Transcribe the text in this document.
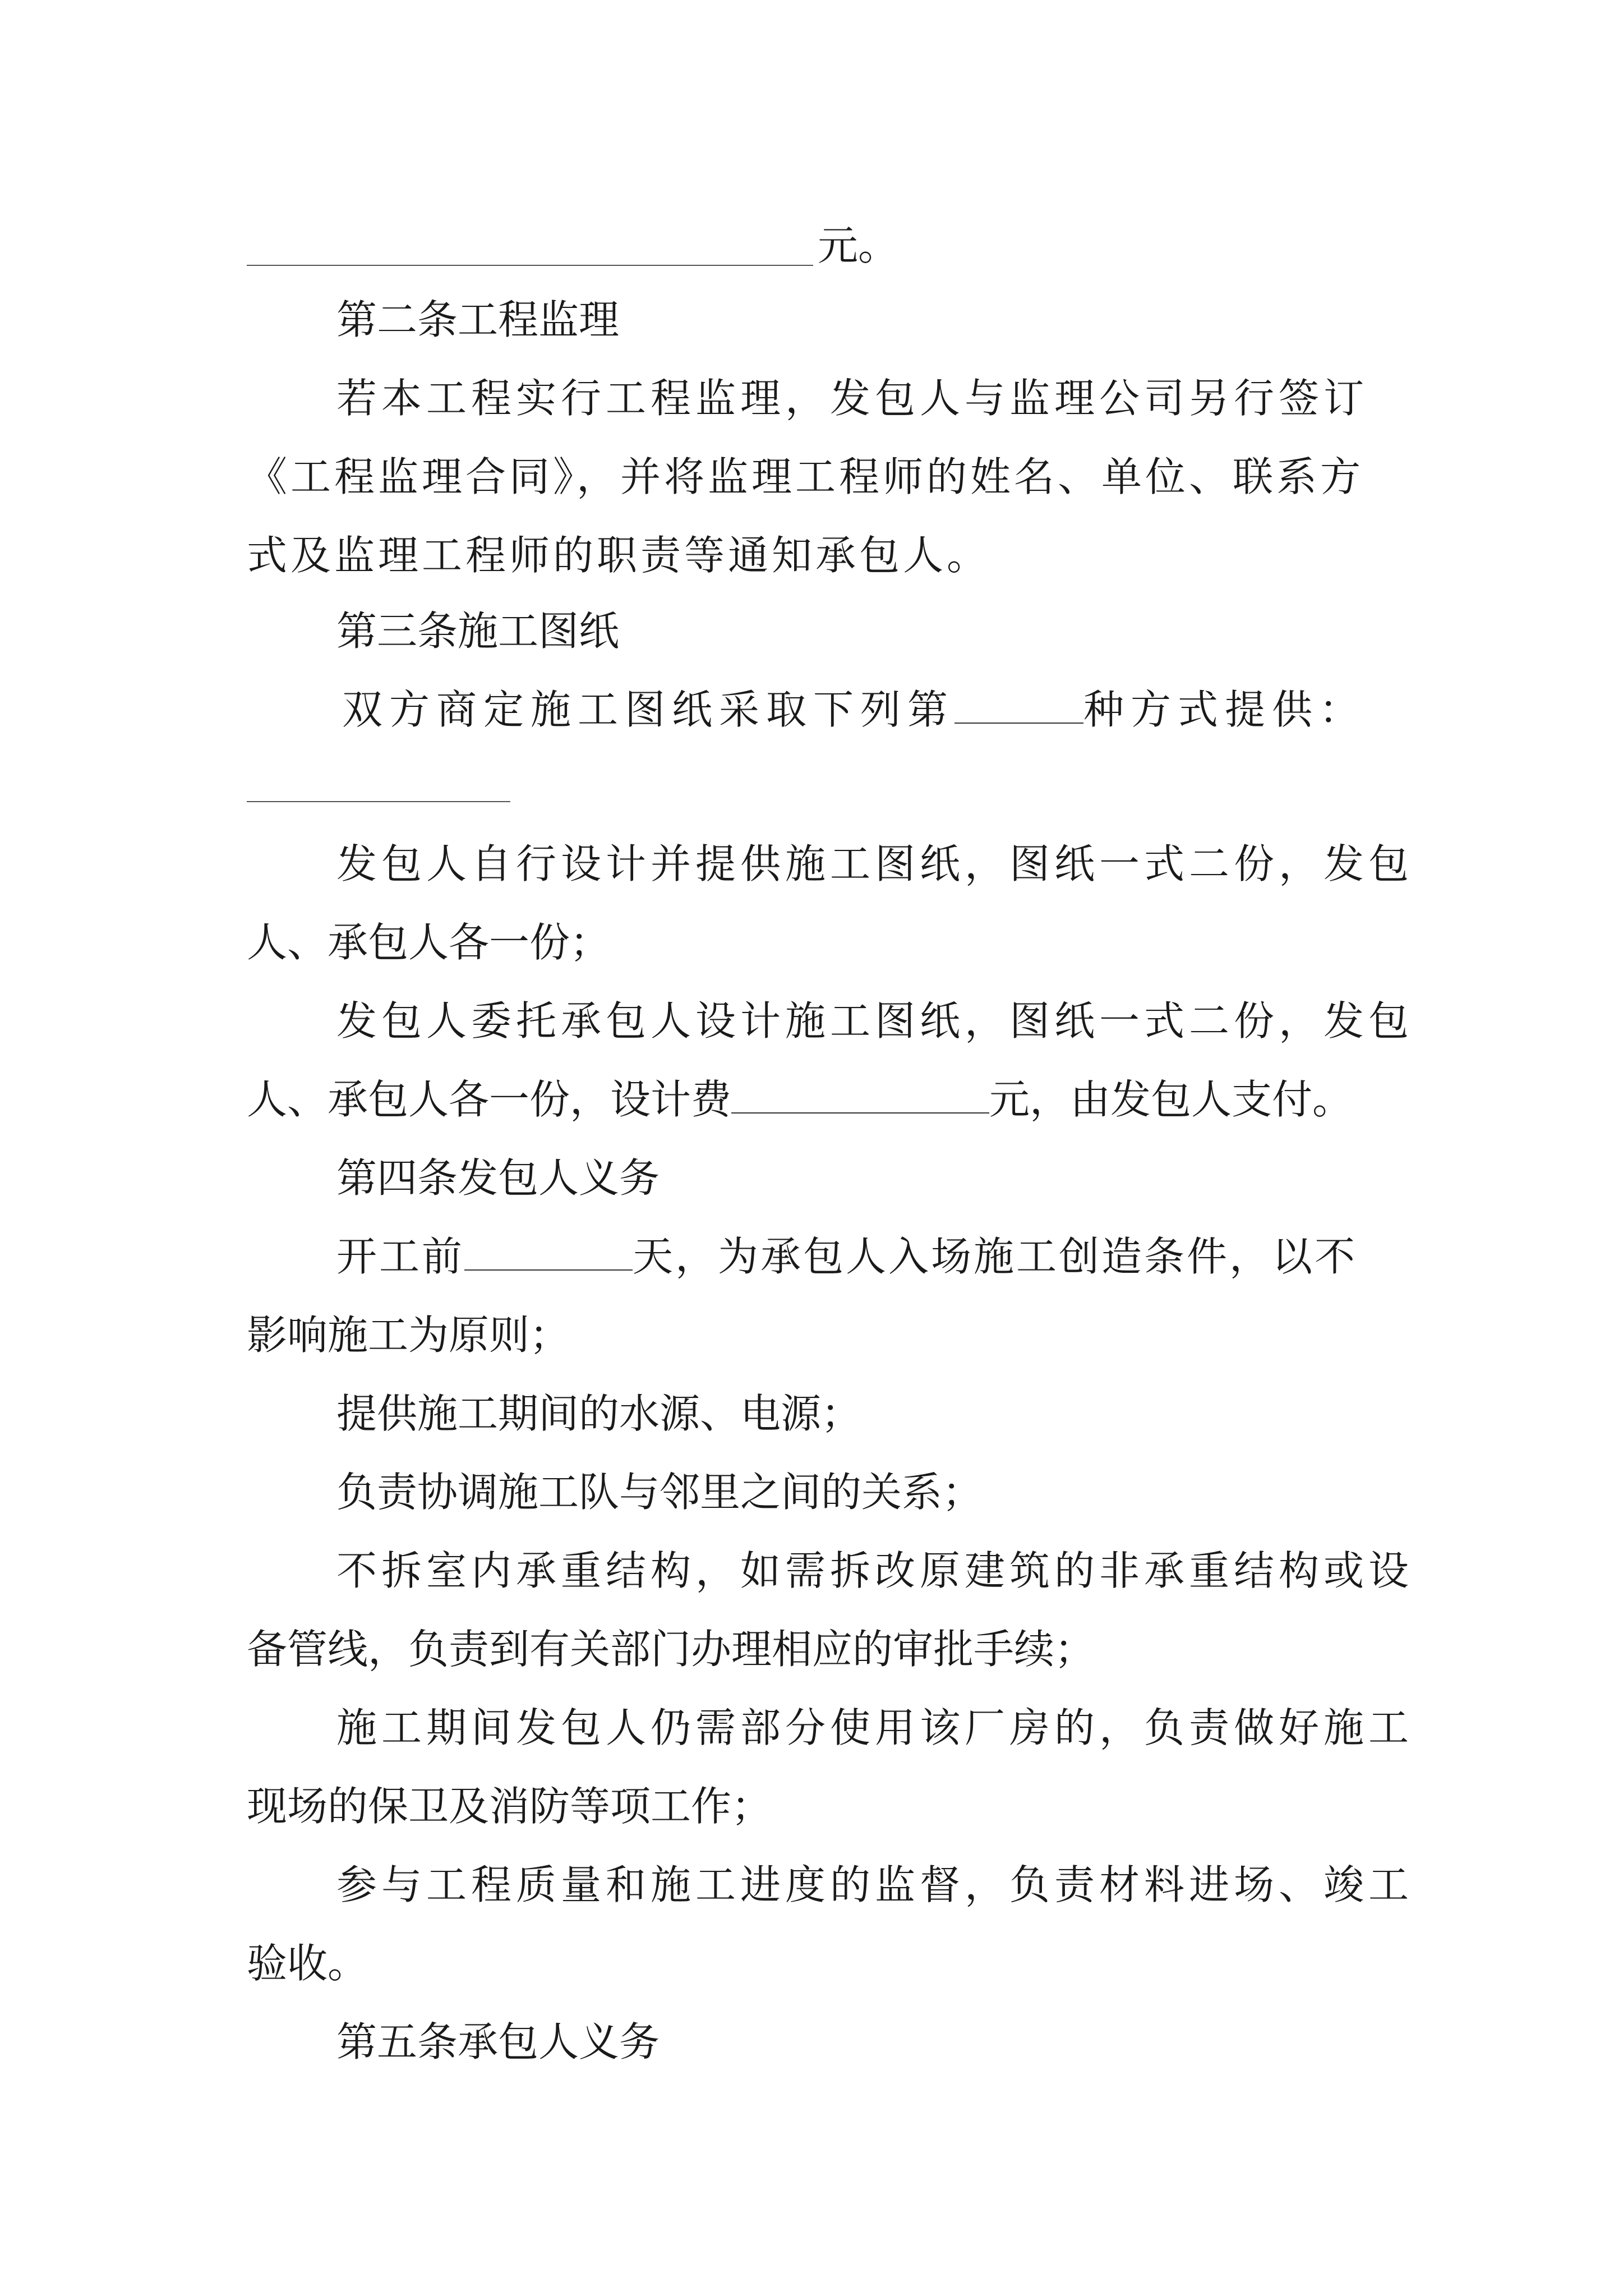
元。
第二条工程监理
若本工程实行工程监理，发包人与监理公司另行签订
《工程监理合同》，并将监理工程师的姓名、单位、联系方
式及监理工程师的职责等通知承包人。
第三条施工图纸
双方商定施工图纸采取下列第	种方式提供：
发包人自行设计并提供施工图纸，图纸一式二份，发包
人、承包人各一份；
发包人委托承包人设计施工图纸，图纸一式二份，发包
人、承包人各一份，设计费	元，由发包人支付。
第四条发包人义务
开工前	天，为承包人入场施工创造条件，以不
影响施工为原则；
提供施工期间的水源、电源；
负责协调施工队与邻里之间的关系；
不拆室内承重结构，如需拆改原建筑的非承重结构或设
备管线，负责到有关部门办理相应的审批手续；
施工期间发包人仍需部分使用该厂房的，负责做好施工
现场的保卫及消防等项工作；
参与工程质量和施工进度的监督，负责材料进场、竣工
验收。
第五条承包人义务
